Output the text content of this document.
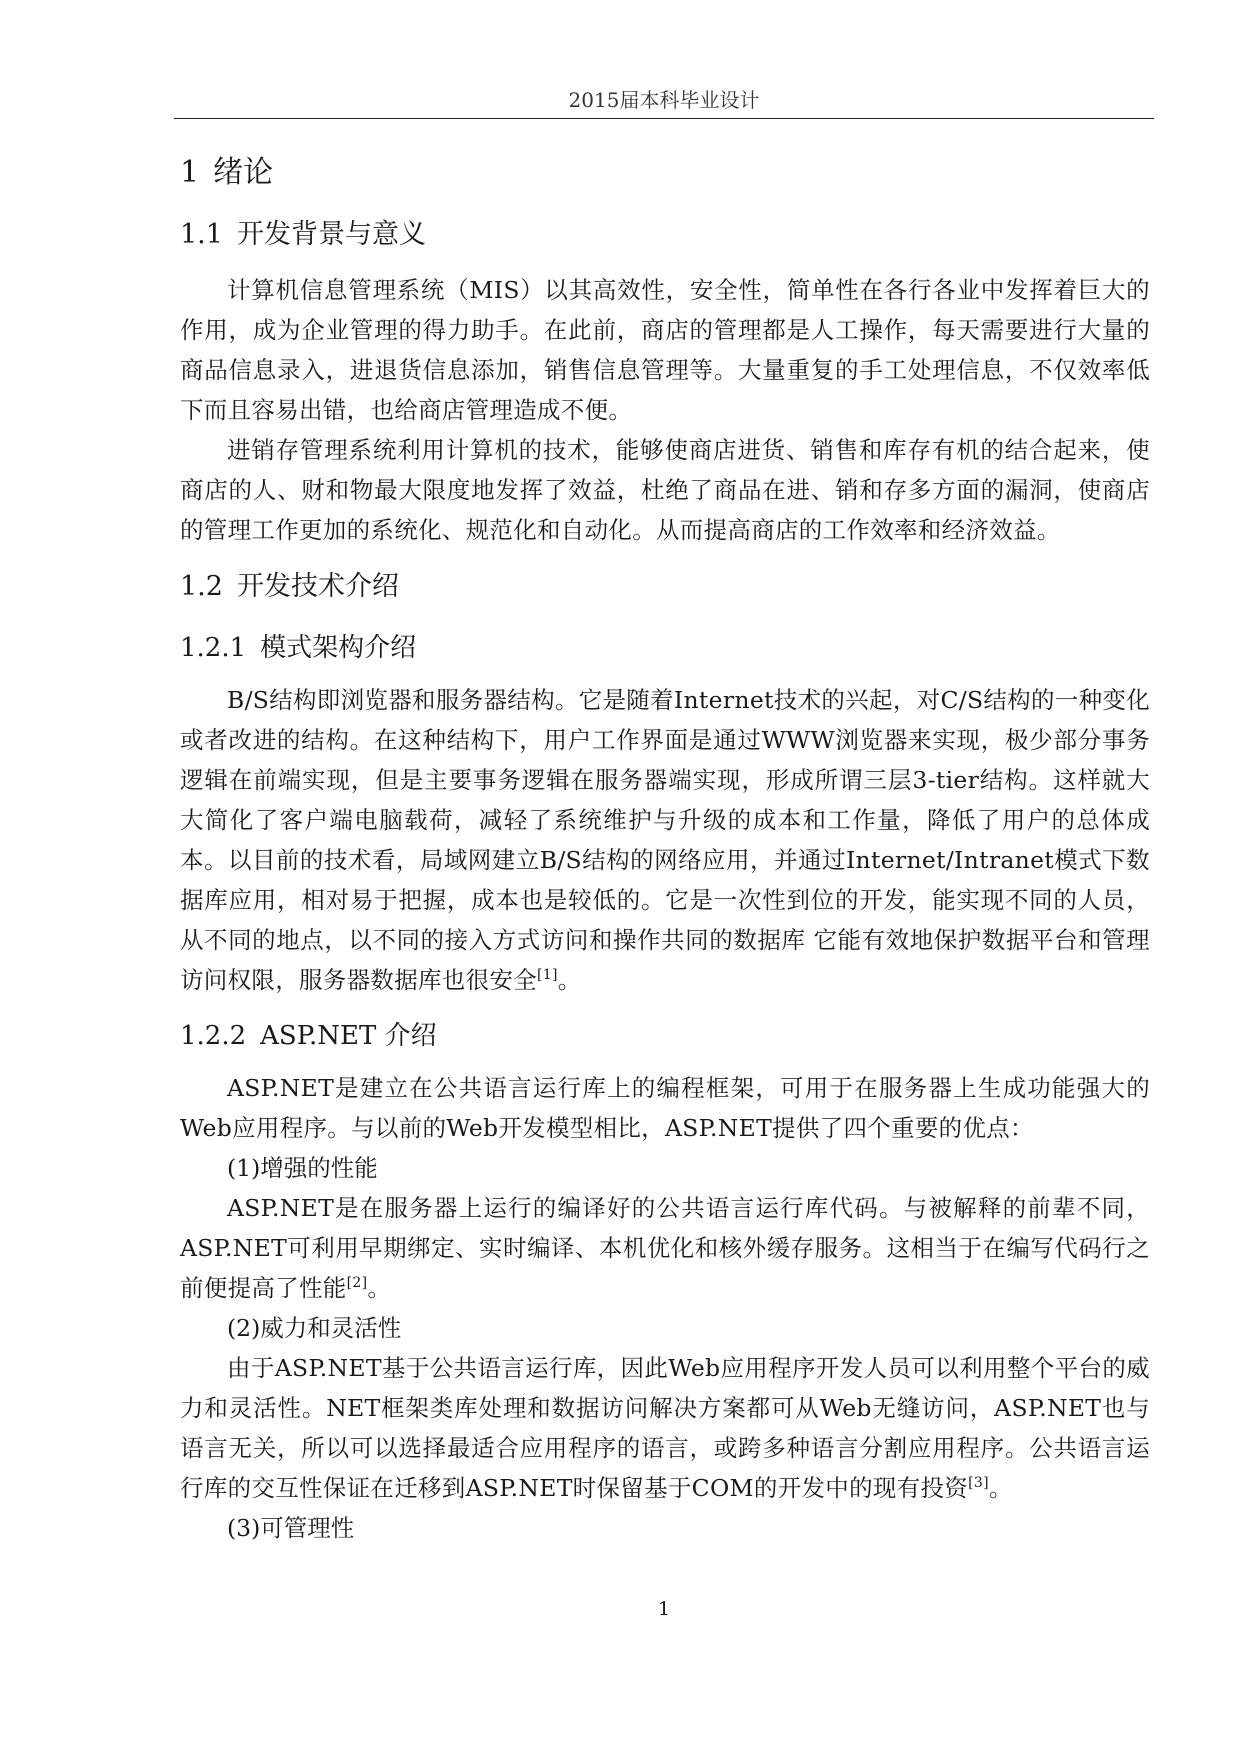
2015届本科毕业设计
1 绪论
1.1 开发背景与意义

计算机信息管理系统（MIS）以其高效性，安全性，简单性在各行各业中发挥着巨大的作用，成为企业管理的得力助手。在此前，商店的管理都是人工操作，每天需要进行大量的商品信息录入，进退货信息添加，销售信息管理等。大量重复的手工处理信息，不仅效率低下而且容易出错，也给商店管理造成不便。

进销存管理系统利用计算机的技术，能够使商店进货、销售和库存有机的结合起来，使商店的人、财和物最大限度地发挥了效益，杜绝了商品在进、销和存多方面的漏洞，使商店的管理工作更加的系统化、规范化和自动化。从而提高商店的工作效率和经济效益。

1.2 开发技术介绍
1.2.1 模式架构介绍

B/S结构即浏览器和服务器结构。它是随着Internet技术的兴起，对C/S结构的一种变化或者改进的结构。在这种结构下，用户工作界面是通过WWW浏览器来实现，极少部分事务逻辑在前端实现，但是主要事务逻辑在服务器端实现，形成所谓三层3-tier结构。这样就大大简化了客户端电脑载荷，减轻了系统维护与升级的成本和工作量，降低了用户的总体成本。以目前的技术看，局域网建立B/S结构的网络应用，并通过Internet/Intranet模式下数据库应用，相对易于把握，成本也是较低的。它是一次性到位的开发，能实现不同的人员，从不同的地点，以不同的接入方式访问和操作共同的数据库 它能有效地保护数据平台和管理访问权限，服务器数据库也很安全[1]。

1.2.2 ASP.NET 介绍

ASP.NET是建立在公共语言运行库上的编程框架，可用于在服务器上生成功能强大的Web应用程序。与以前的Web开发模型相比，ASP.NET提供了四个重要的优点：

(1)增强的性能

ASP.NET是在服务器上运行的编译好的公共语言运行库代码。与被解释的前辈不同，ASP.NET可利用早期绑定、实时编译、本机优化和核外缓存服务。这相当于在编写代码行之前便提高了性能[2]。

(2)威力和灵活性

由于ASP.NET基于公共语言运行库，因此Web应用程序开发人员可以利用整个平台的威力和灵活性。NET框架类库处理和数据访问解决方案都可从Web无缝访问，ASP.NET也与语言无关，所以可以选择最适合应用程序的语言，或跨多种语言分割应用程序。公共语言运行库的交互性保证在迁移到ASP.NET时保留基于COM的开发中的现有投资[3]。

(3)可管理性

1
